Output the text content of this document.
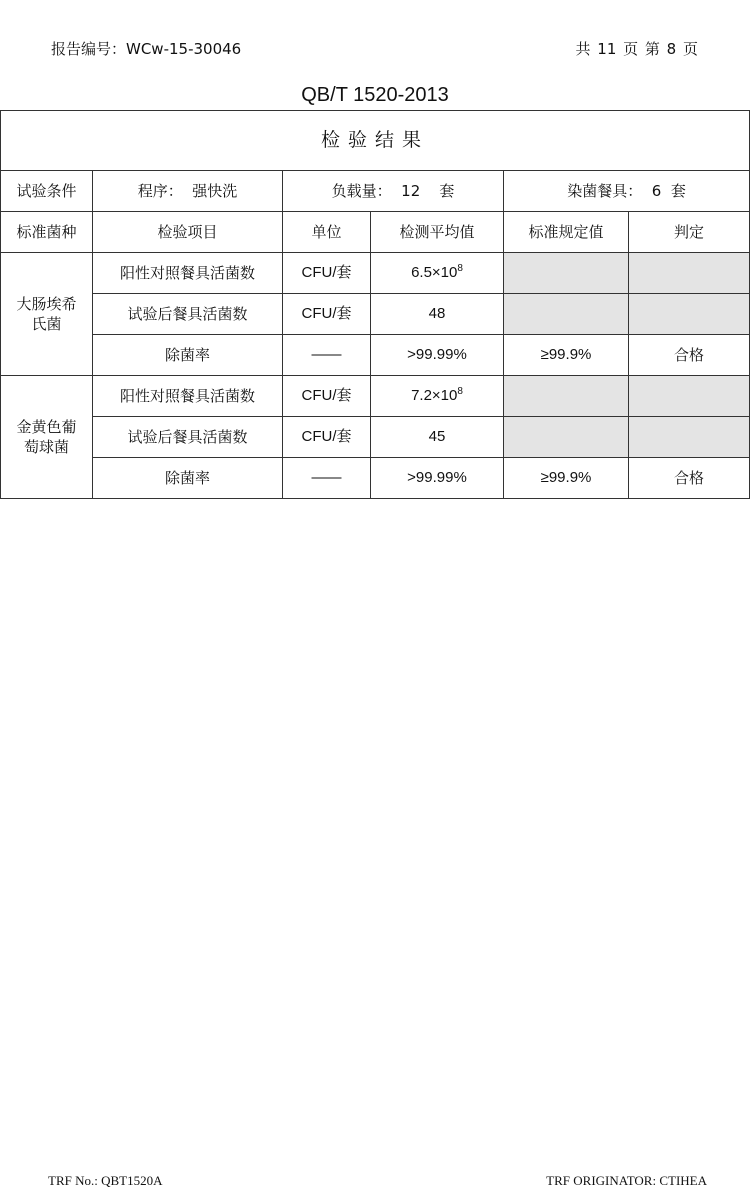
报告编号：WCw-15-30046	共 11 页 第 8 页
QB/T 1520-2013
检验结果					
试验条件	程序：  强快洗	负载量：  12    套		染菌餐具：  6  套	
标准菌种	检验项目	单位	检测平均值	标准规定值	判定
大肠埃希氏菌	阳性对照餐具活菌数	CFU/套	$6.5\times 10^8$		
	试验后餐具活菌数	CFU/套	48		
	除菌率	——	>99.99%	≥99.9%	合格
金黄色葡萄球菌	阳性对照餐具活菌数	CFU/套	$7.2\times 10^8$		
	试验后餐具活菌数	CFU/套	45		
	除菌率	——	>99.99%	≥99.9%	合格
TRF No.: QBT1520A	TRF ORIGINATOR: CTIHEA
